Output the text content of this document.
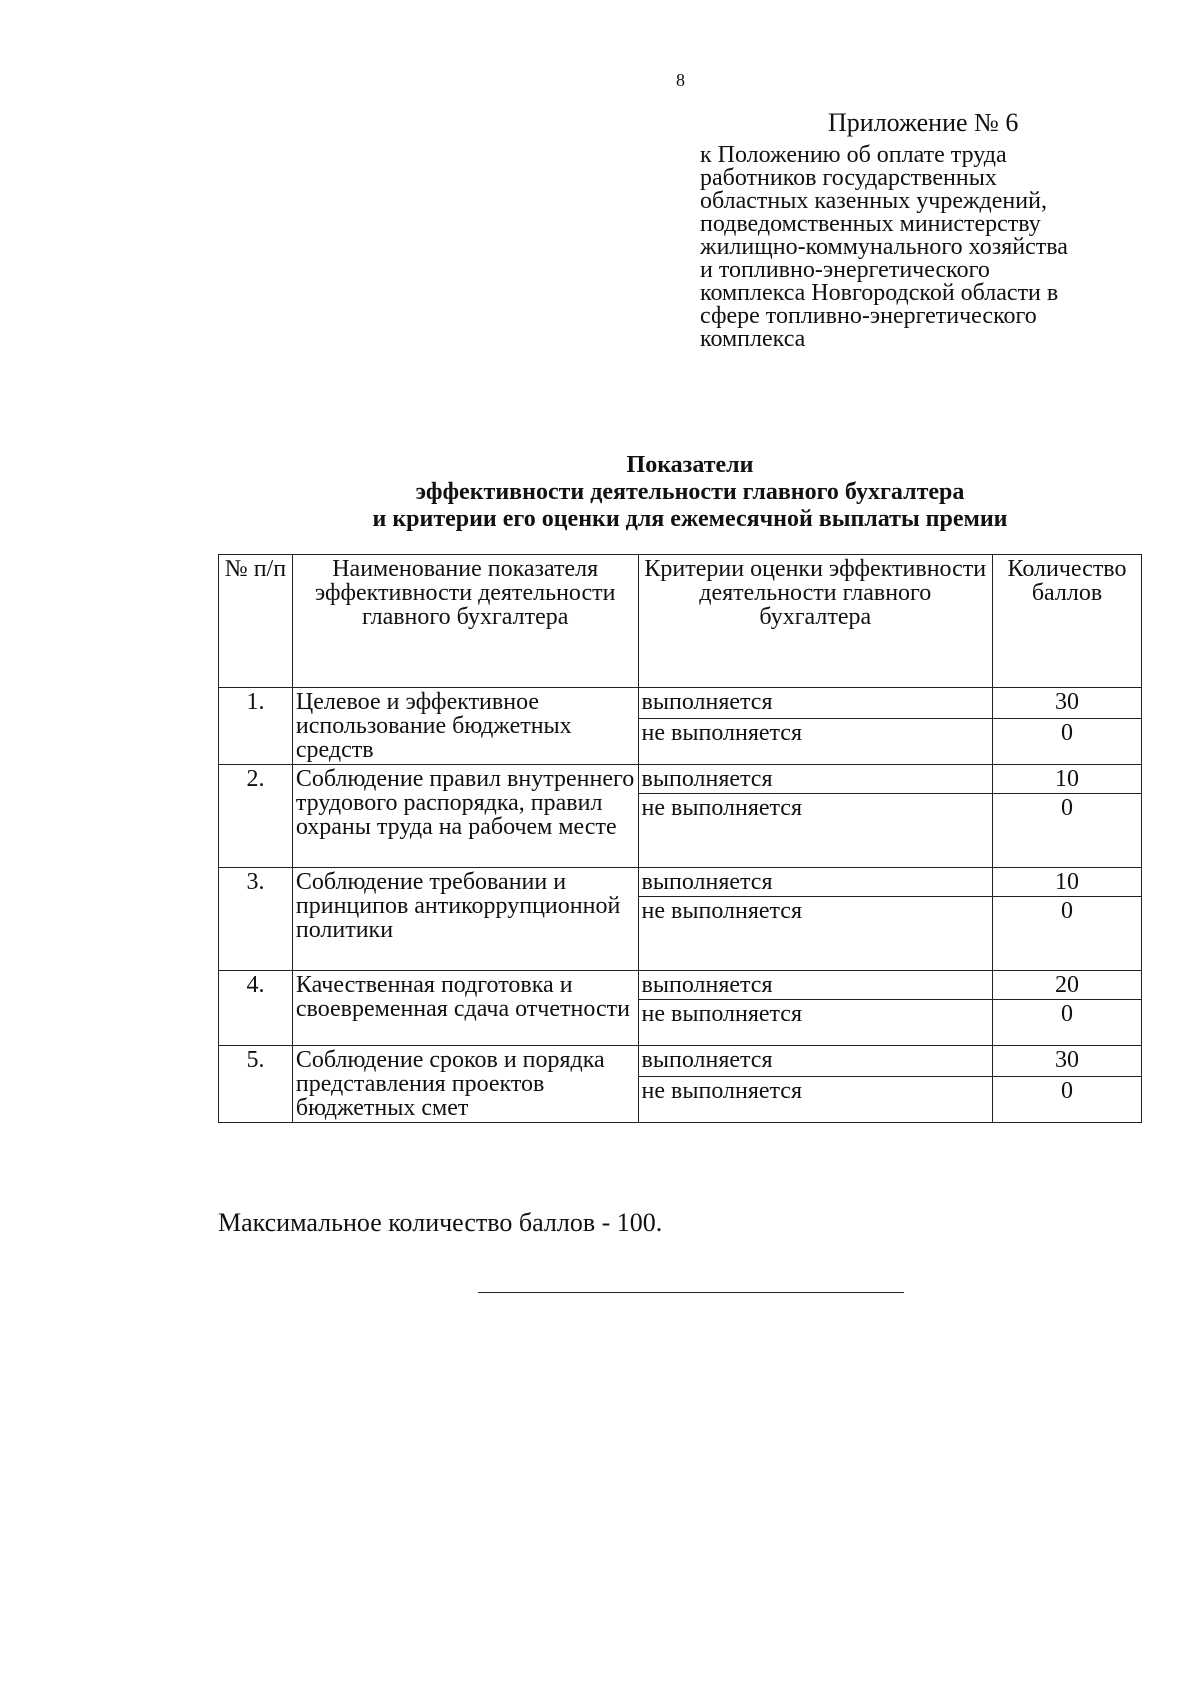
8
Приложение № 6
к Положению об оплате труда
работников государственных
областных казенных учреждений,
подведомственных министерству
жилищно-коммунального хозяйства
и топливно-энергетического
комплекса Новгородской области в
сфере топливно-энергетического
комплекса
Показатели
эффективности деятельности главного бухгалтера
и критерии его оценки для ежемесячной выплаты премии
№ п/п	Наименование показателя эффективности деятельности главного бухгалтера	Критерии оценки эффективности деятельности главного бухгалтера	Количество баллов
1.	Целевое и эффективное использование бюджетных средств	выполняется	30
		не выполняется	0
2.	Соблюдение правил внутреннего трудового распорядка, правил охраны труда на рабочем месте	выполняется	10
		не выполняется	0
3.	Соблюдение требовании и принципов антикоррупционной политики	выполняется	10
		не выполняется	0
4.	Качественная подготовка и своевременная сдача отчетности	выполняется	20
		не выполняется	0
5.	Соблюдение сроков и порядка представления проектов бюджетных смет	выполняется	30
		не выполняется	0
Максимальное количество баллов - 100.
